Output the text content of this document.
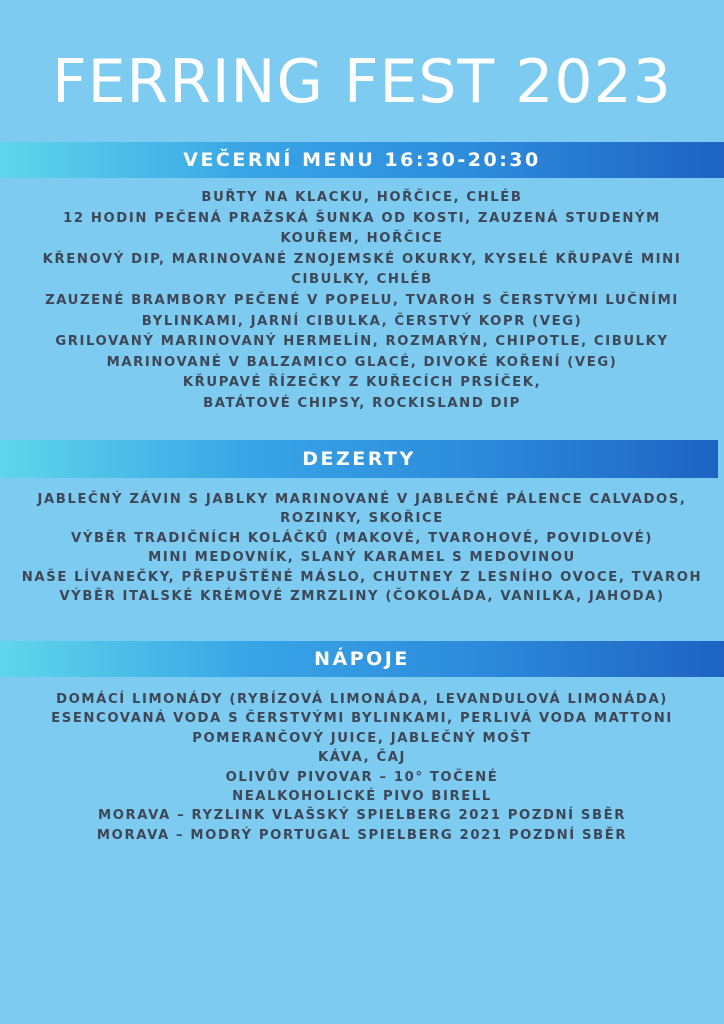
FERRING FEST 2023
VEČERNÍ MENU 16:30-20:30
BUŘTY NA KLACKU, HOŘČICE, CHLÉB
12 HODIN PEČENÁ PRAŽSKÁ ŠUNKA OD KOSTI, ZAUZENÁ STUDENÝM
KOUŘEM, HOŘČICE
KŘENOVÝ DIP, MARINOVANÉ ZNOJEMSKÉ OKURKY, KYSELÉ KŘUPAVÉ MINI
CIBULKY, CHLÉB
ZAUZENÉ BRAMBORY PEČENÉ V POPELU, TVAROH S ČERSTVÝMI LUČNÍMI
BYLINKAMI, JARNÍ CIBULKA, ČERSTVÝ KOPR (VEG)
GRILOVANÝ MARINOVANÝ HERMELÍN, ROZMARÝN, CHIPOTLE, CIBULKY
MARINOVANÉ V BALZAMICO GLACÉ, DIVOKÉ KOŘENÍ (VEG)
KŘUPAVÉ ŘÍZEČKY Z KUŘECÍCH PRSÍČEK,
BATÁTOVÉ CHIPSY, ROCKISLAND DIP
DEZERTY
JABLEČNÝ ZÁVIN S JABLKY MARINOVANÉ V JABLEČNÉ PÁLENCE CALVADOS,
ROZINKY, SKOŘICE
VÝBĚR TRADIČNÍCH KOLÁČKŮ (MAKOVÉ, TVAROHOVÉ, POVIDLOVÉ)
MINI MEDOVNÍK, SLANÝ KARAMEL S MEDOVINOU
NAŠE LÍVANEČKY, PŘEPUŠTĚNÉ MÁSLO, CHUTNEY Z LESNÍHO OVOCE, TVAROH
VÝBĚR ITALSKÉ KRÉMOVÉ ZMRZLINY (ČOKOLÁDA, VANILKA, JAHODA)
NÁPOJE
DOMÁCÍ LIMONÁDY (RYBÍZOVÁ LIMONÁDA, LEVANDULOVÁ LIMONÁDA)
ESENCOVANÁ VODA S ČERSTVÝMI BYLINKAMI, PERLIVÁ VODA MATTONI
POMERANČOVÝ JUICE, JABLEČNÝ MOŠT
KÁVA, ČAJ
OLIVŮV PIVOVAR – 10° TOČENÉ
NEALKOHOLICKÉ PIVO BIRELL
MORAVA – RYZLINK VLAŠSKÝ SPIELBERG 2021 POZDNÍ SBĚR
MORAVA – MODRÝ PORTUGAL SPIELBERG 2021 POZDNÍ SBĚR
